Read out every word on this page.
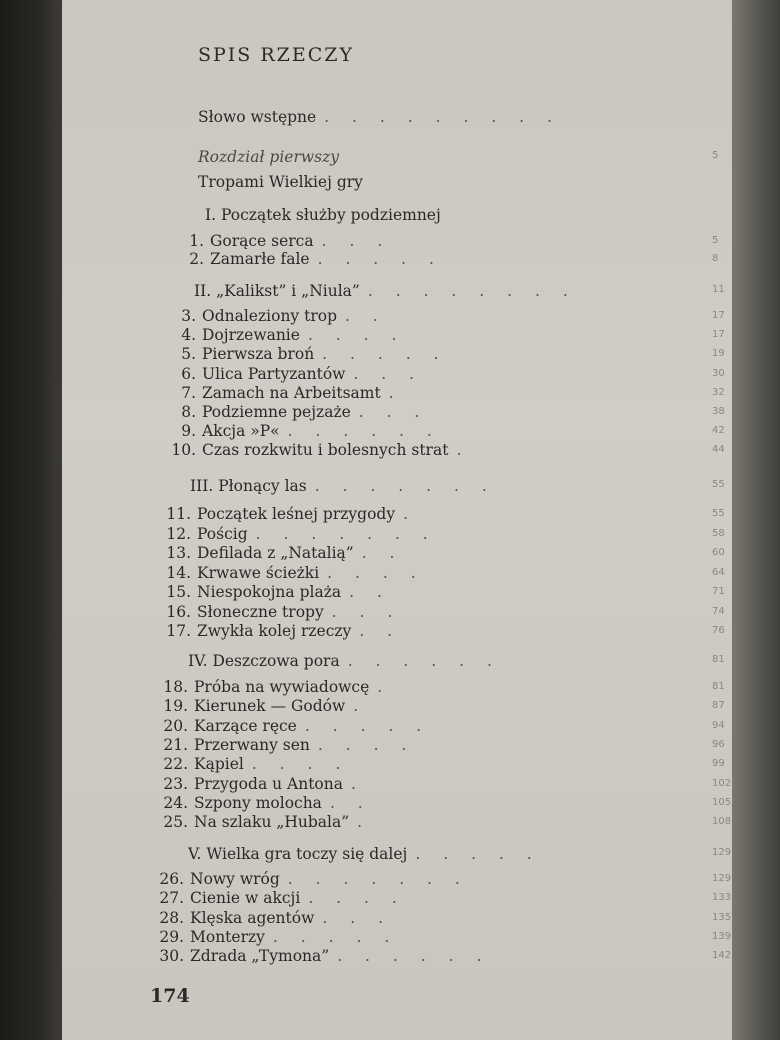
SPIS RZECZY
Słowo wstępne . . . . . . . . .
Rozdział pierwszy	5
Tropami Wielkiej gry
I. Początek służby podziemnej
1. Gorące serca . . .	5
2. Zamarłe fale . . . . .	8
II. „Kalikst” i „Niula” . . . . . . . .	11
3. Odnaleziony trop . .	17
4. Dojrzewanie . . . .	17
5. Pierwsza broń . . . . .	19
6. Ulica Partyzantów . . .	30
7. Zamach na Arbeitsamt .	32
8. Podziemne pejzaże . . .	38
9. Akcja »P« . . . . . .	42
10. Czas rozkwitu i bolesnych strat .	44
III. Płonący las . . . . . . .	55
11. Początek leśnej przygody .	55
12. Pościg . . . . . . .	58
13. Defilada z „Natalią” . .	60
14. Krwawe ścieżki . . . .	64
15. Niespokojna plaża . .	71
16. Słoneczne tropy . . .	74
17. Zwykła kolej rzeczy . .	76
IV. Deszczowa pora . . . . . .	81
18. Próba na wywiadowcę .	81
19. Kierunek — Godów .	87
20. Karzące ręce . . . . .	94
21. Przerwany sen . . . .	96
22. Kąpiel . . . .	99
23. Przygoda u Antona .	102
24. Szpony molocha . .	105
25. Na szlaku „Hubala” .	108
V. Wielka gra toczy się dalej . . . . .	129
26. Nowy wróg . . . . . . .	129
27. Cienie w akcji . . . .	133
28. Klęska agentów . . .	135
29. Monterzy . . . . .	139
30. Zdrada „Tymona” . . . . . .	142
174
